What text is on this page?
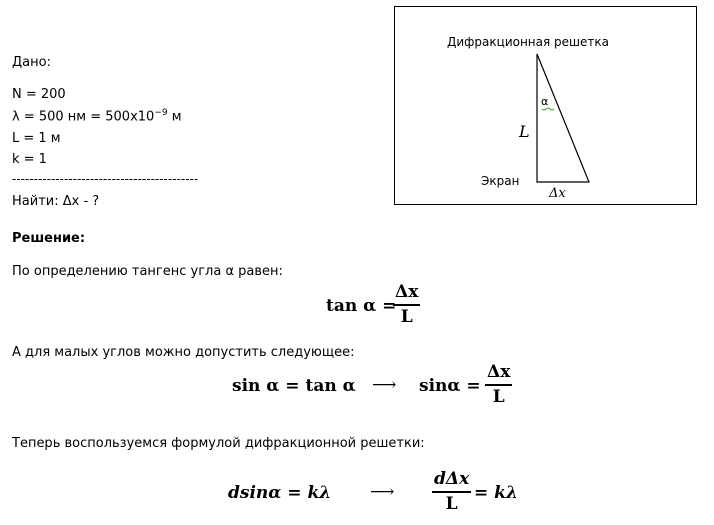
Дано:
N = 200
λ = 500 нм = $500x10^{-9}$ м
L = 1 м
k = 1
-------------------------------------------
Найти: Δx - ?
Дифракционная решетка
α
L
Экран
Δx
Решение:
По определению тангенс угла α равен:
tan α =
$\frac{\Delta x}{L}$
А для малых углов можно допустить следующее:
sin α = tan α ⟶ $\sin\alpha = \frac{\Delta x}{L}$
Теперь воспользуемся формулой дифракционной решетки:
dsinα = kλ ⟶
dΔx
L
= kλ
